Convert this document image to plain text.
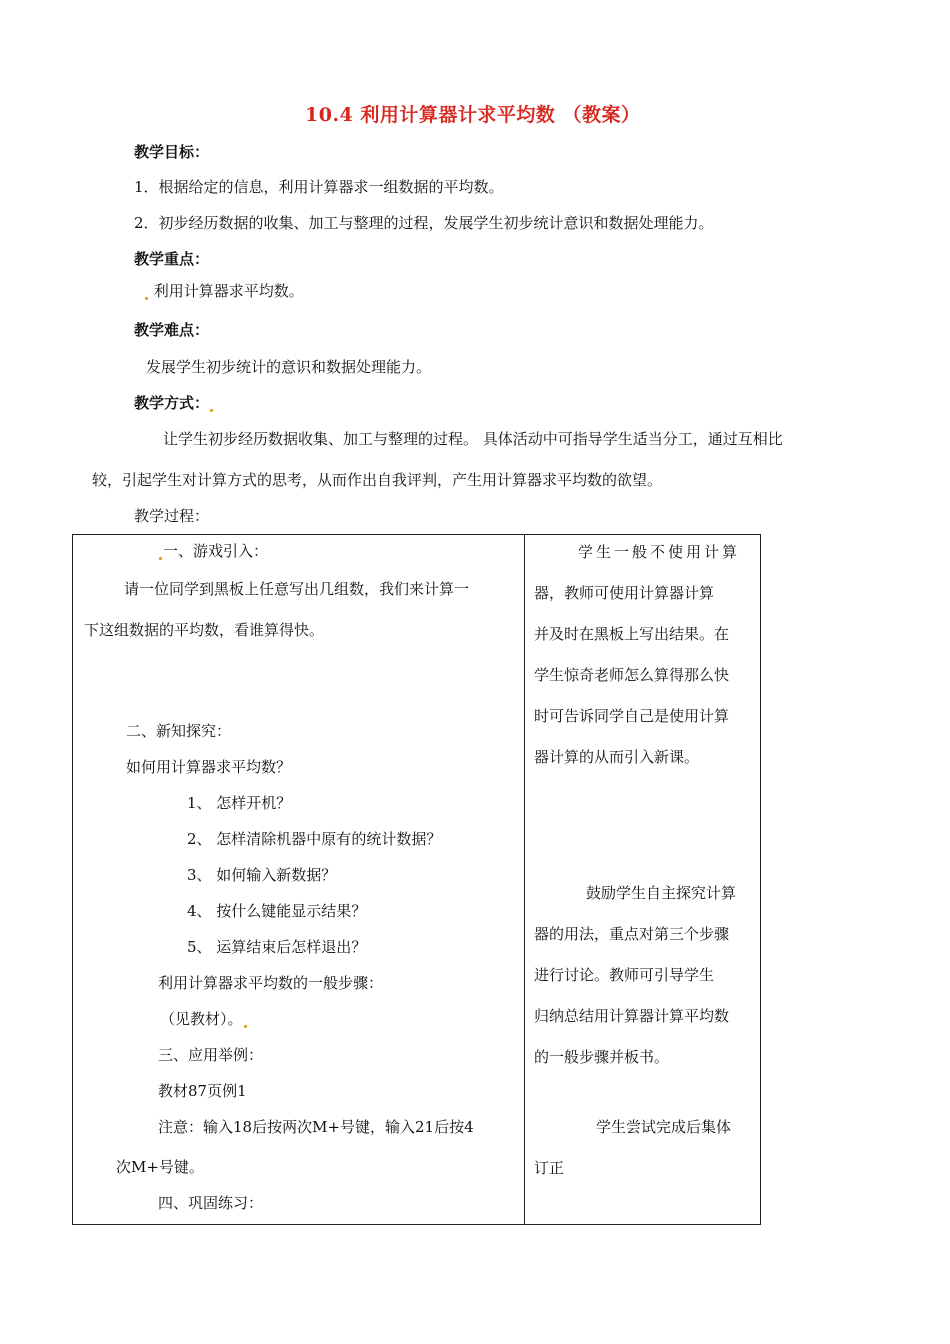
10.4 利用计算器计求平均数 （教案）
教学目标：
1．根据给定的信息，利用计算器求一组数据的平均数。
2．初步经历数据的收集、加工与整理的过程，发展学生初步统计意识和数据处理能力。
教学重点：
利用计算器求平均数。
教学难点：
发展学生初步统计的意识和数据处理能力。
教学方式：
让学生初步经历数据收集、加工与整理的过程。 具体活动中可指导学生适当分工，通过互相比
较，引起学生对计算方式的思考，从而作出自我评判，产生用计算器求平均数的欲望。
教学过程：
一、游戏引入：
请一位同学到黑板上任意写出几组数，我们来计算一
下这组数据的平均数，看谁算得快。
二、新知探究：
如何用计算器求平均数？
1、 怎样开机？
2、 怎样清除机器中原有的统计数据？
3、 如何输入新数据？
4、 按什么键能显示结果？
5、 运算结束后怎样退出？
利用计算器求平均数的一般步骤：
（见教材）。
三、应用举例：
教材87页例1
注意：输入18后按两次M+号键，输入21后按4
次M+号键。
四、巩固练习：
学生一般不使用计算
器，教师可使用计算器计算
并及时在黑板上写出结果。在
学生惊奇老师怎么算得那么快
时可告诉同学自己是使用计算
器计算的从而引入新课。
鼓励学生自主探究计算
器的用法，重点对第三个步骤
进行讨论。教师可引导学生
归纳总结用计算器计算平均数
的一般步骤并板书。
学生尝试完成后集体
订正
